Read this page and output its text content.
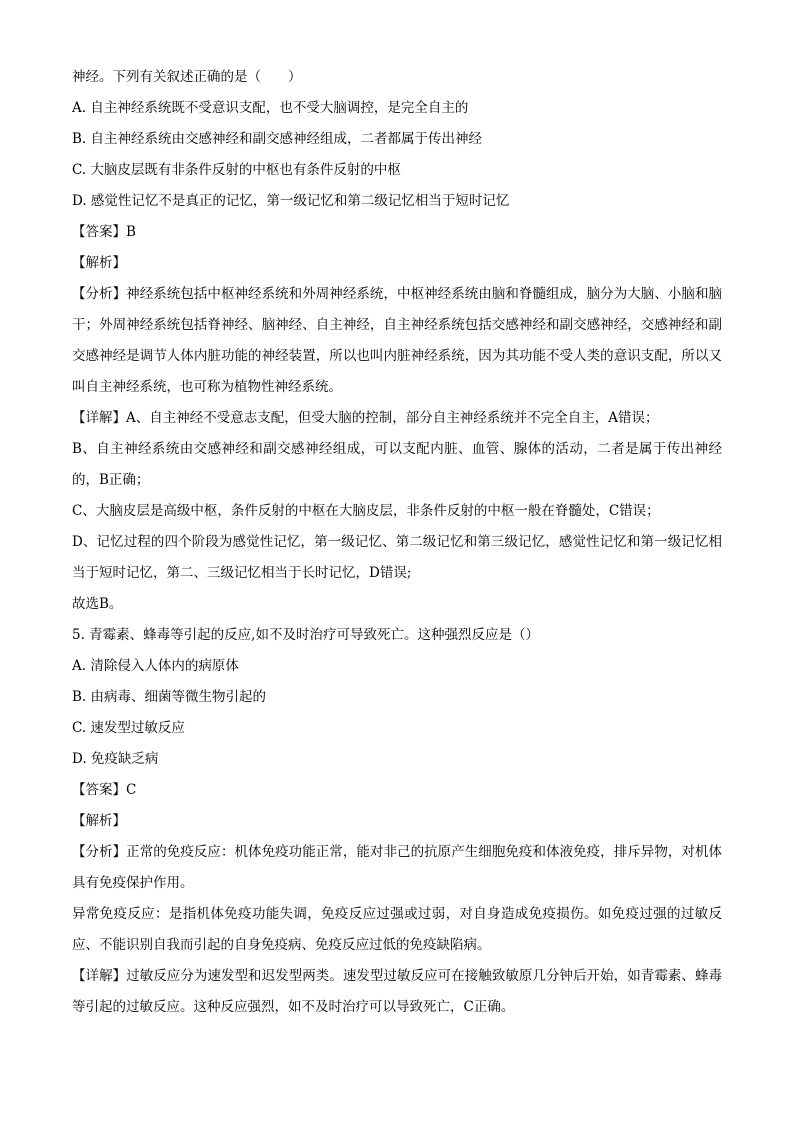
神经。下列有关叙述正确的是（　　）
A. 自主神经系统既不受意识支配，也不受大脑调控，是完全自主的
B. 自主神经系统由交感神经和副交感神经组成，二者都属于传出神经
C. 大脑皮层既有非条件反射的中枢也有条件反射的中枢
D. 感觉性记忆不是真正的记忆，第一级记忆和第二级记忆相当于短时记忆
【答案】B
【解析】
【分析】神经系统包括中枢神经系统和外周神经系统，中枢神经系统由脑和脊髓组成，脑分为大脑、小脑和脑干；外周神经系统包括脊神经、脑神经、自主神经，自主神经系统包括交感神经和副交感神经，交感神经和副交感神经是调节人体内脏功能的神经装置，所以也叫内脏神经系统，因为其功能不受人类的意识支配，所以又叫自主神经系统，也可称为植物性神经系统。
【详解】A、自主神经不受意志支配，但受大脑的控制，部分自主神经系统并不完全自主，A错误；
B、自主神经系统由交感神经和副交感神经组成，可以支配内脏、血管、腺体的活动，二者是属于传出神经的，B正确；
C、大脑皮层是高级中枢，条件反射的中枢在大脑皮层，非条件反射的中枢一般在脊髓处，C错误；
D、记忆过程的四个阶段为感觉性记忆，第一级记忆、第二级记忆和第三级记忆，感觉性记忆和第一级记忆相当于短时记忆，第二、三级记忆相当于长时记忆，D错误;
故选B。
5. 青霉素、蜂毒等引起的反应,如不及时治疗可导致死亡。这种强烈反应是（）
A. 清除侵入人体内的病原体
B. 由病毒、细菌等微生物引起的
C. 速发型过敏反应
D. 免疫缺乏病
【答案】C
【解析】
【分析】正常的免疫反应：机体免疫功能正常，能对非己的抗原产生细胞免疫和体液免疫，排斥异物，对机体具有免疫保护作用。
异常免疫反应：是指机体免疫功能失调，免疫反应过强或过弱，对自身造成免疫损伤。如免疫过强的过敏反应、不能识别自我而引起的自身免疫病、免疫反应过低的免疫缺陷病。
【详解】过敏反应分为速发型和迟发型两类。速发型过敏反应可在接触致敏原几分钟后开始，如青霉素、蜂毒等引起的过敏反应。这种反应强烈，如不及时治疗可以导致死亡，C正确。
